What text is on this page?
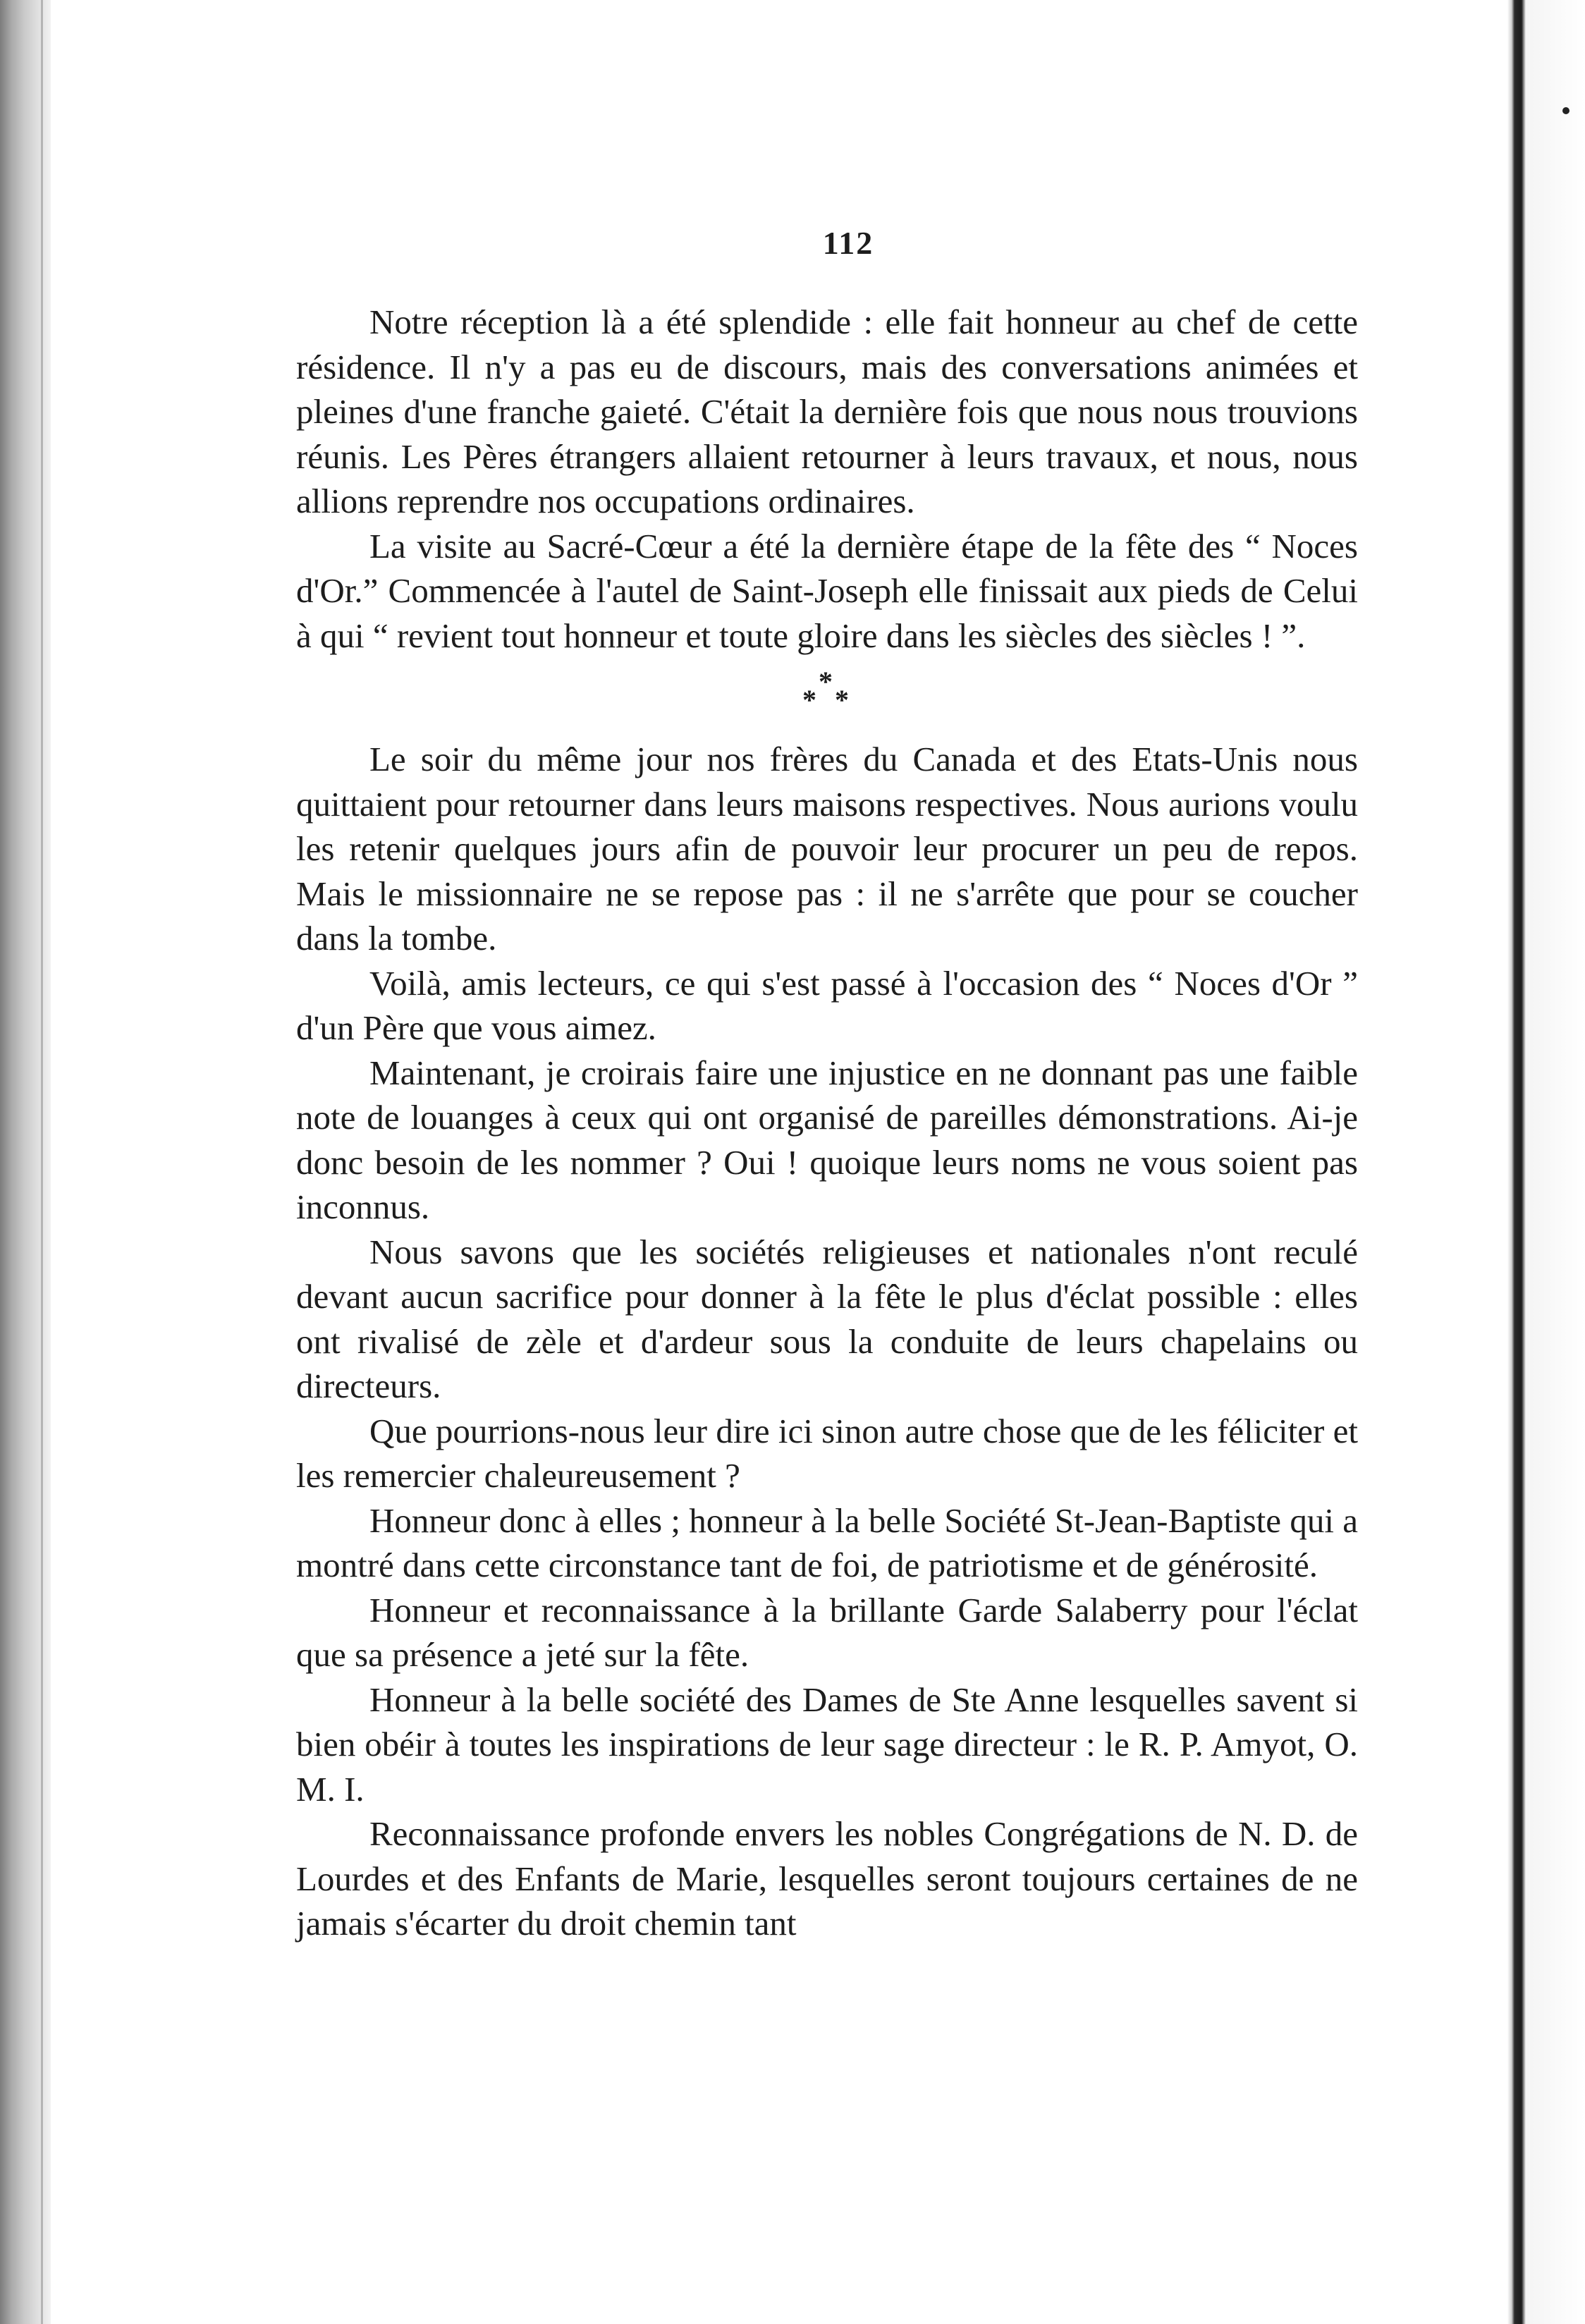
112

Notre réception là a été splendide : elle fait honneur au chef de cette résidence. Il n'y a pas eu de discours, mais des conversations animées et pleines d'une franche gaieté. C'était la dernière fois que nous nous trouvions réunis. Les Pères étrangers allaient retourner à leurs travaux, et nous, nous allions reprendre nos occupations ordinaires.

La visite au Sacré-Cœur a été la dernière étape de la fête des “ Noces d'Or.” Commencée à l'autel de Saint-Joseph elle finissait aux pieds de Celui à qui “ revient tout honneur et toute gloire dans les siècles des siècles ! ”.

*
* *

Le soir du même jour nos frères du Canada et des Etats-Unis nous quittaient pour retourner dans leurs maisons respectives. Nous aurions voulu les retenir quelques jours afin de pouvoir leur procurer un peu de repos. Mais le missionnaire ne se repose pas : il ne s'arrête que pour se coucher dans la tombe.

Voilà, amis lecteurs, ce qui s'est passé à l'occasion des “ Noces d'Or ” d'un Père que vous aimez.

Maintenant, je croirais faire une injustice en ne donnant pas une faible note de louanges à ceux qui ont organisé de pareilles démonstrations. Ai-je donc besoin de les nommer ? Oui ! quoique leurs noms ne vous soient pas inconnus.

Nous savons que les sociétés religieuses et nationales n'ont reculé devant aucun sacrifice pour donner à la fête le plus d'éclat possible : elles ont rivalisé de zèle et d'ardeur sous la conduite de leurs chapelains ou directeurs.

Que pourrions-nous leur dire ici sinon autre chose que de les féliciter et les remercier chaleureusement ?

Honneur donc à elles ; honneur à la belle Société St-Jean-Baptiste qui a montré dans cette circonstance tant de foi, de patriotisme et de générosité.

Honneur et reconnaissance à la brillante Garde Salaberry pour l'éclat que sa présence a jeté sur la fête.

Honneur à la belle société des Dames de Ste Anne lesquelles savent si bien obéir à toutes les inspirations de leur sage directeur : le R. P. Amyot, O. M. I.

Reconnaissance profonde envers les nobles Congrégations de N. D. de Lourdes et des Enfants de Marie, lesquelles seront toujours certaines de ne jamais s'écarter du droit chemin tant
